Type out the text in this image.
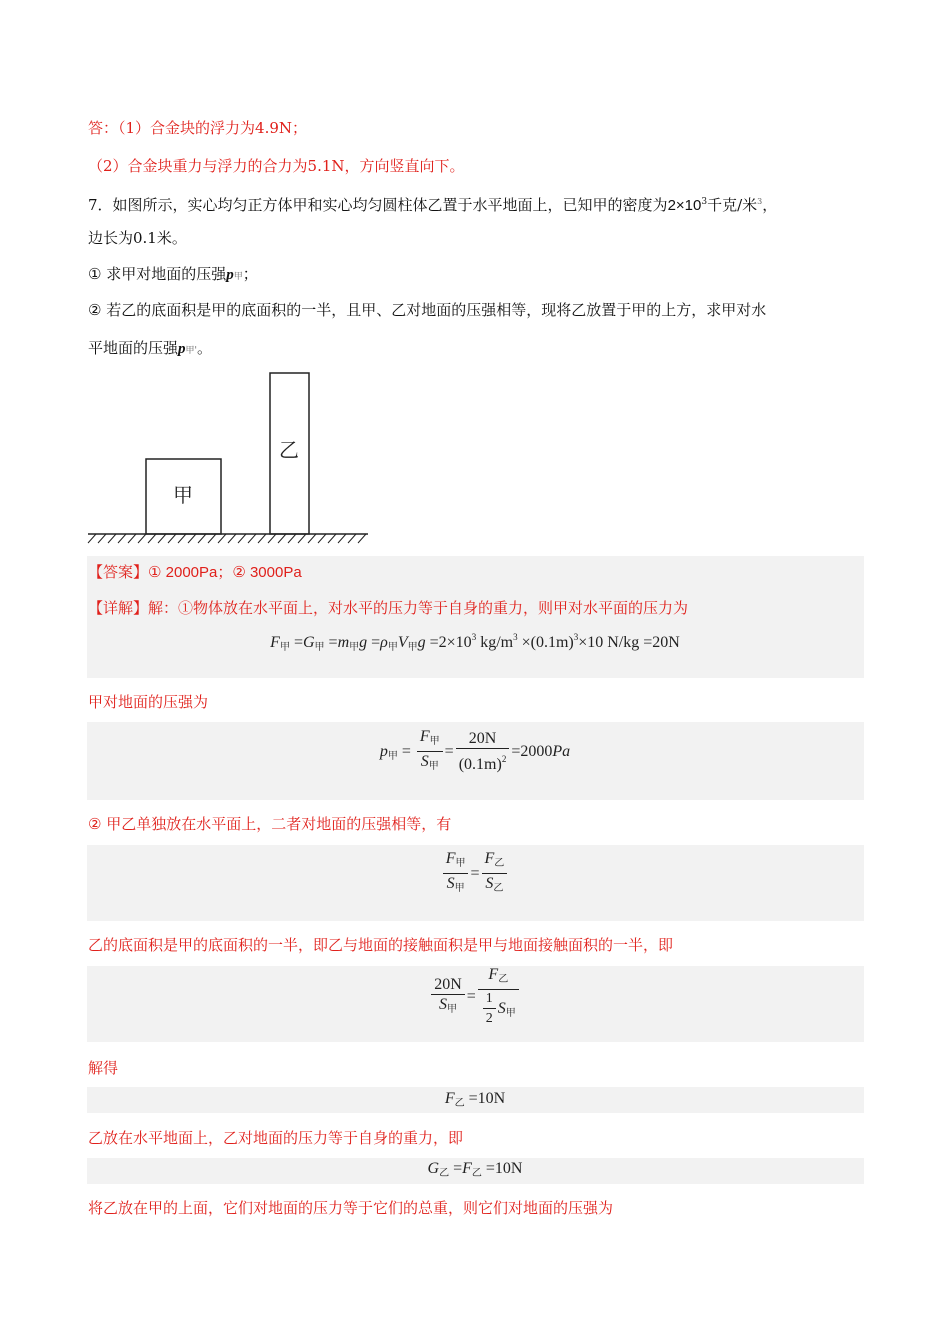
答：（1）合金块的浮力为4.9N；
（2）合金块重力与浮力的合力为5.1N，方向竖直向下。
7．如图所示，实心均匀正方体甲和实心均匀圆柱体乙置于水平地面上，已知甲的密度为$2\times 10^3$千克/米$^3$，
边长为0.1米。
① 求甲对地面的压强p甲；
② 若乙的底面积是甲的底面积的一半，且甲、乙对地面的压强相等，现将乙放置于甲的上方，求甲对水
平地面的压强p甲'。
甲
乙
【答案】① 2000Pa；② 3000Pa
【详解】解：①物体放在水平面上，对水平的压力等于自身的重力，则甲对水平面的压力为
$F_甲 =G_甲 =m_甲g =\rho_甲V_甲g =2\times 10^3$ $kg/m^3 \times(0.1m)^3\times 10$ N/kg =20N
甲对地面的压强为
$p_甲 = \frac{F_甲}{S_甲} = \frac{20N}{(0.1m)^2} =2000Pa$
② 甲乙单独放在水平面上，二者对地面的压强相等，有
$\frac{F_甲}{S_甲} = \frac{F_乙}{S_乙}$
乙的底面积是甲的底面积的一半，即乙与地面的接触面积是甲与地面接触面积的一半，即
$\frac{20N}{S_甲} = \frac{F_乙}{\frac{1}{2} S_甲}$
解得
$F_乙 =10N$
乙放在水平地面上，乙对地面的压力等于自身的重力，即
$G_乙 =F_乙 =10N$
将乙放在甲的上面，它们对地面的压力等于它们的总重，则它们对地面的压强为
